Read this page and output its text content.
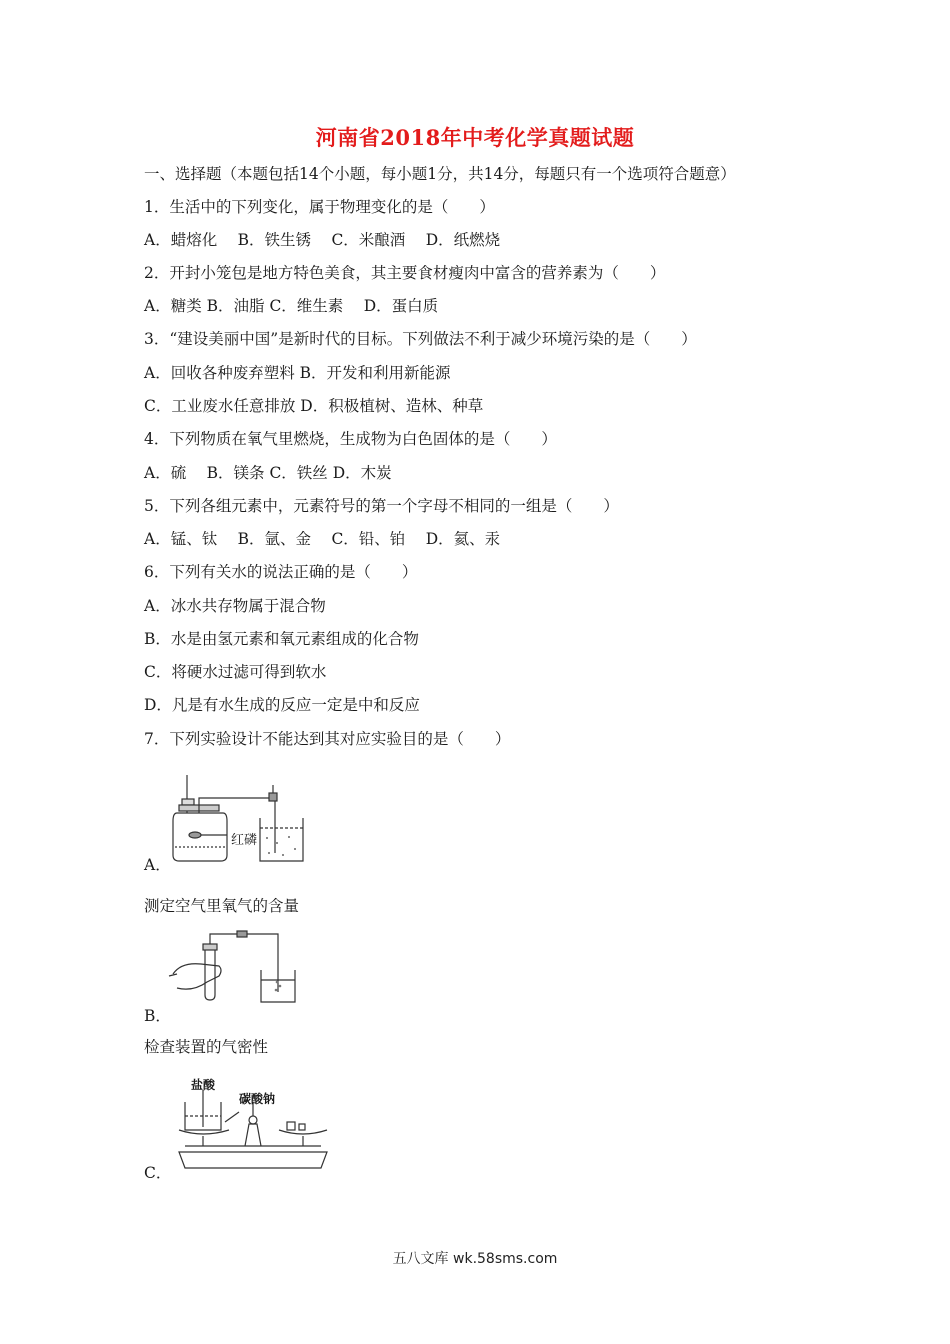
河南省2018年中考化学真题试题
一、选择题（本题包括14个小题，每小题1分，共14分，每题只有一个选项符合题意）
1．生活中的下列变化，属于物理变化的是（　　）
A．蜡熔化　 B．铁生锈　 C．米酿酒　 D．纸燃烧
2．开封小笼包是地方特色美食，其主要食材瘦肉中富含的营养素为（　　）
A．糖类 B．油脂 C．维生素　 D．蛋白质
3．“建设美丽中国”是新时代的目标。下列做法不利于减少环境污染的是（　　）
A．回收各种废弃塑料 B．开发和利用新能源
C．工业废水任意排放 D．积极植树、造林、种草
4．下列物质在氧气里燃烧，生成物为白色固体的是（　　）
A．硫　 B．镁条 C．铁丝 D．木炭
5．下列各组元素中，元素符号的第一个字母不相同的一组是（　　）
A．锰、钛　 B．氩、金　 C．铅、铂　 D．氦、汞
6．下列有关水的说法正确的是（　　）
A．冰水共存物属于混合物
B．水是由氢元素和氧元素组成的化合物
C．将硬水过滤可得到软水
D．凡是有水生成的反应一定是中和反应
7．下列实验设计不能达到其对应实验目的是（　　）
红磷
A．
测定空气里氧气的含量
B．
检查装置的气密性
盐酸
碳酸钠
C．
五八文库 wk.58sms.com
